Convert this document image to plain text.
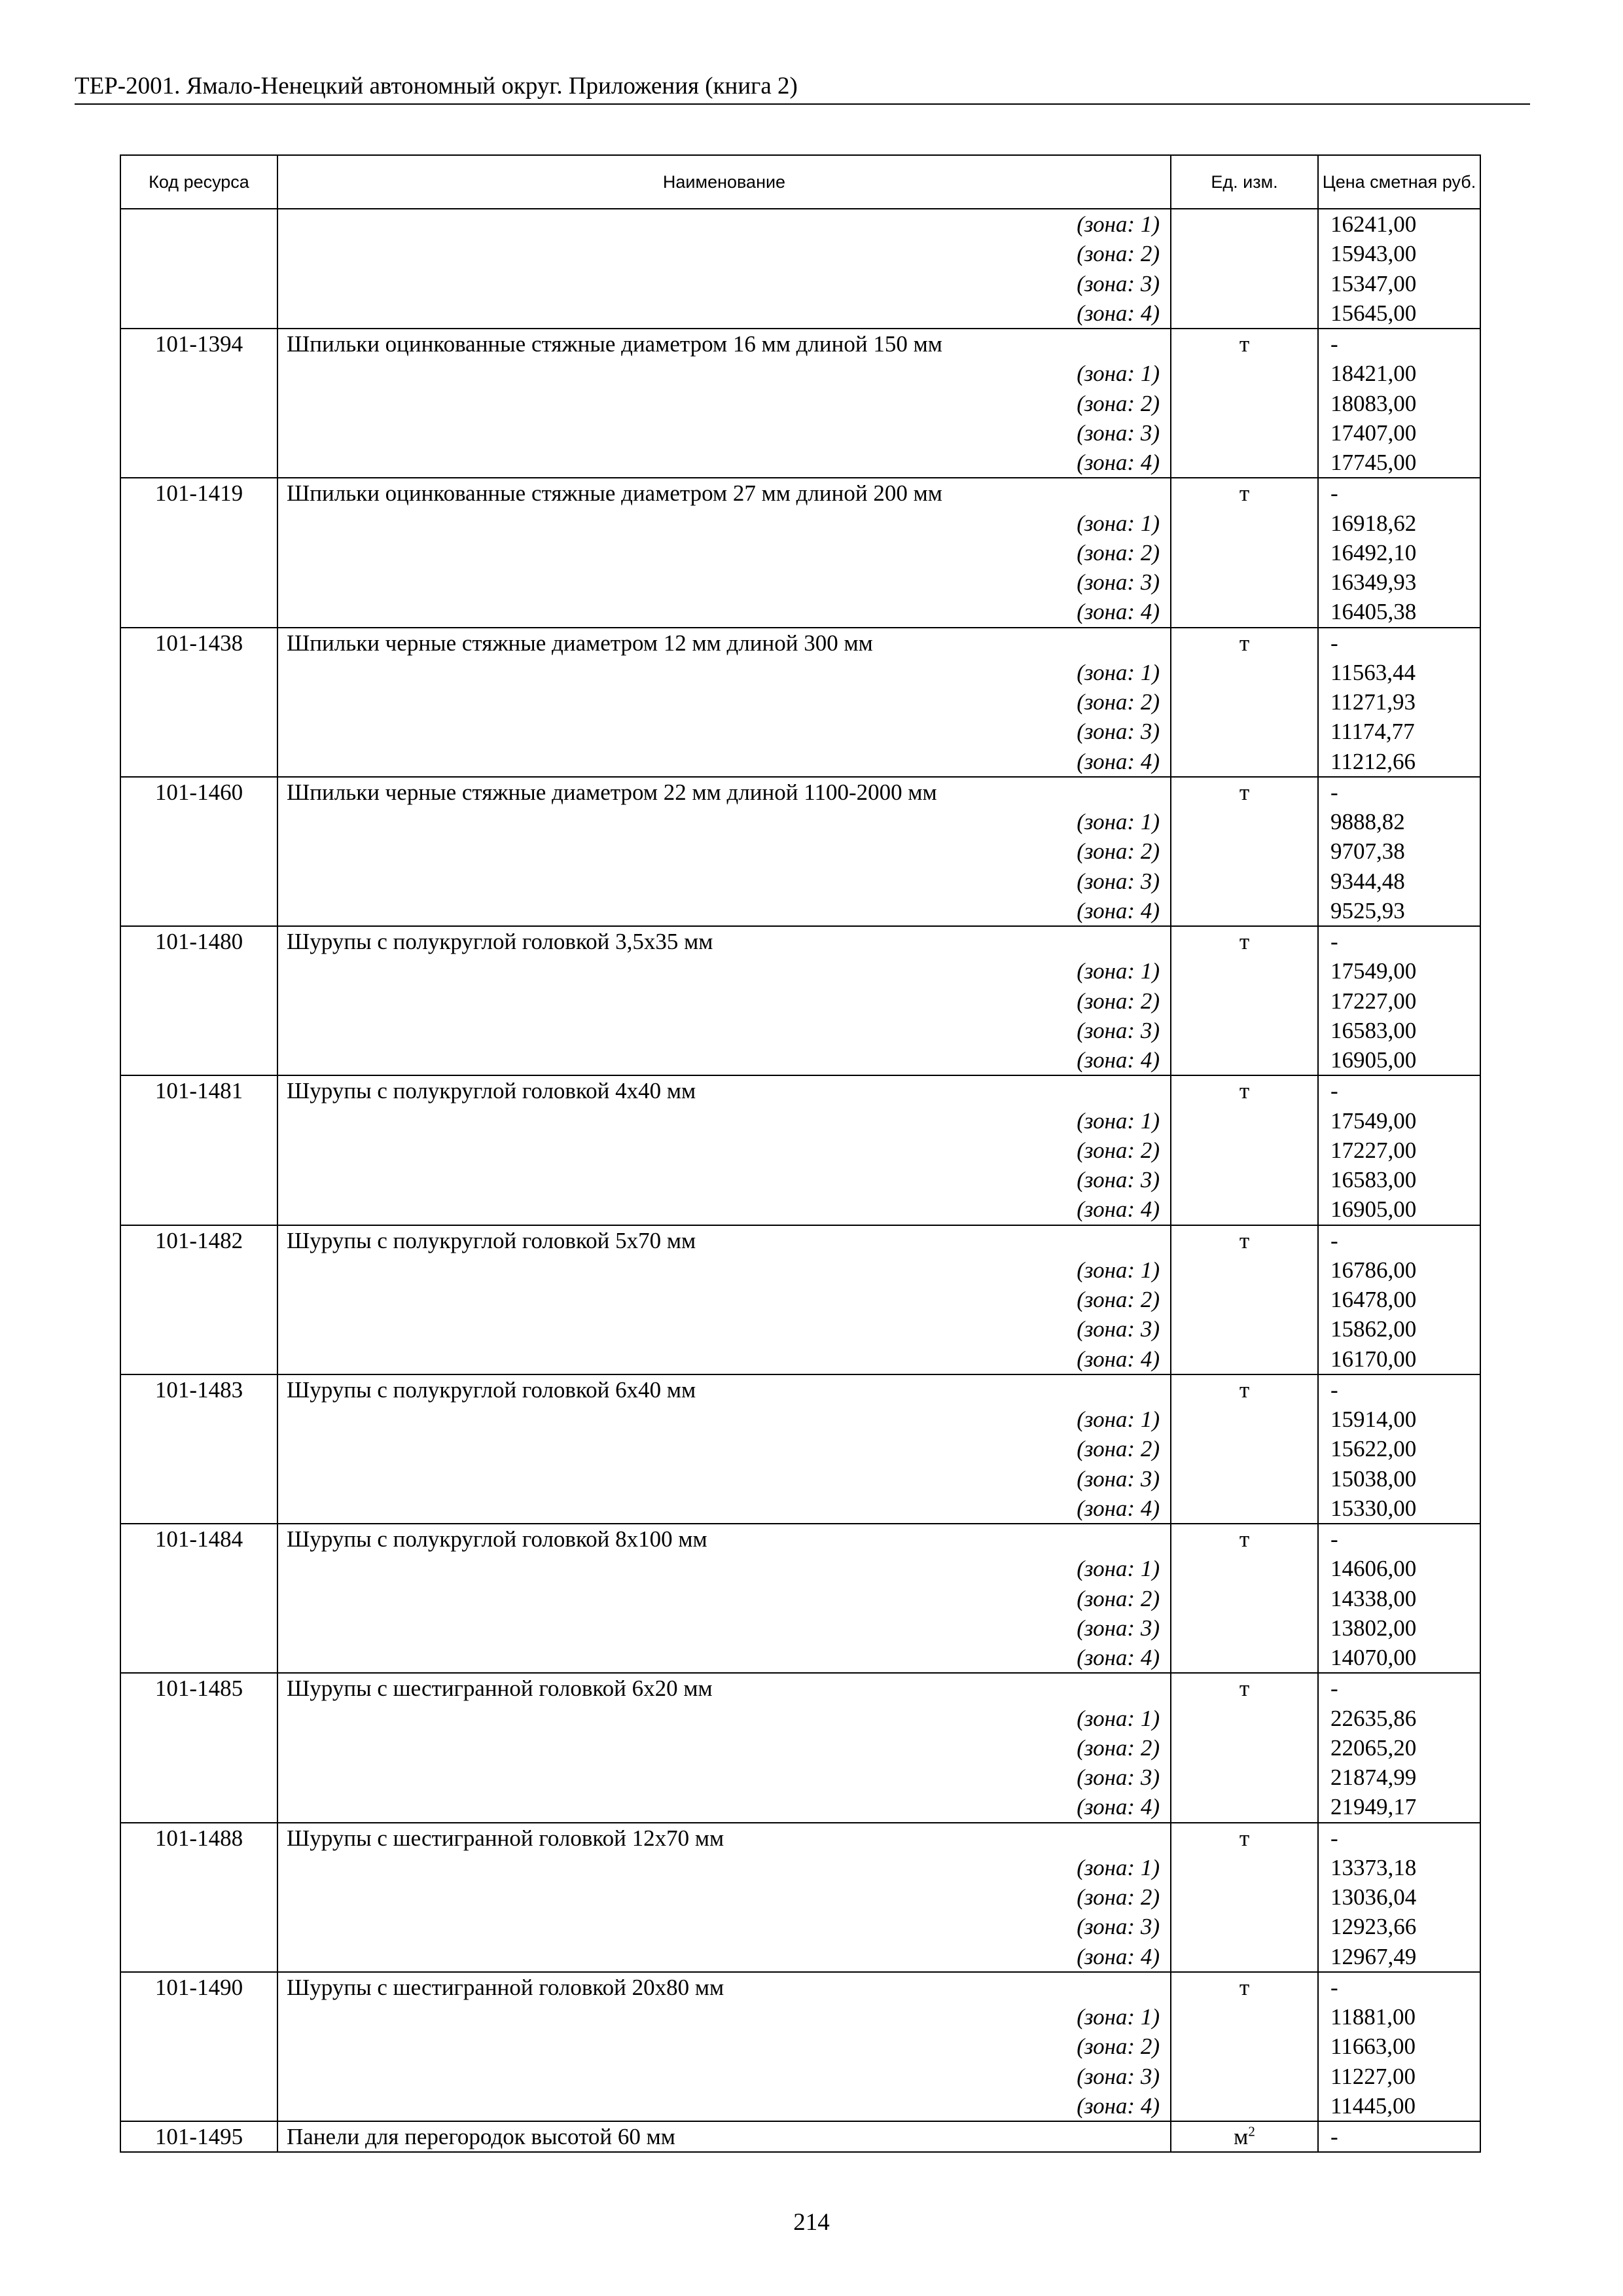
ТЕР-2001. Ямало-Ненецкий автономный округ. Приложения (книга 2)
Код ресурса	Наименование	Ед. изм.	Цена сметная руб.
	(зона: 1)		16241,00
	(зона: 2)		15943,00
	(зона: 3)		15347,00
	(зона: 4)		15645,00
101-1394	Шпильки оцинкованные стяжные диаметром 16 мм длиной 150 мм	т	-
	(зона: 1)		18421,00
	(зона: 2)		18083,00
	(зона: 3)		17407,00
	(зона: 4)		17745,00
101-1419	Шпильки оцинкованные стяжные диаметром 27 мм длиной 200 мм	т	-
	(зона: 1)		16918,62
	(зона: 2)		16492,10
	(зона: 3)		16349,93
	(зона: 4)		16405,38
101-1438	Шпильки черные стяжные диаметром 12 мм длиной 300 мм	т	-
	(зона: 1)		11563,44
	(зона: 2)		11271,93
	(зона: 3)		11174,77
	(зона: 4)		11212,66
101-1460	Шпильки черные стяжные диаметром 22 мм длиной 1100-2000 мм	т	-
	(зона: 1)		9888,82
	(зона: 2)		9707,38
	(зона: 3)		9344,48
	(зона: 4)		9525,93
101-1480	Шурупы с полукруглой головкой 3,5х35 мм	т	-
	(зона: 1)		17549,00
	(зона: 2)		17227,00
	(зона: 3)		16583,00
	(зона: 4)		16905,00
101-1481	Шурупы с полукруглой головкой 4х40 мм	т	-
	(зона: 1)		17549,00
	(зона: 2)		17227,00
	(зона: 3)		16583,00
	(зона: 4)		16905,00
101-1482	Шурупы с полукруглой головкой 5х70 мм	т	-
	(зона: 1)		16786,00
	(зона: 2)		16478,00
	(зона: 3)		15862,00
	(зона: 4)		16170,00
101-1483	Шурупы с полукруглой головкой 6х40 мм	т	-
	(зона: 1)		15914,00
	(зона: 2)		15622,00
	(зона: 3)		15038,00
	(зона: 4)		15330,00
101-1484	Шурупы с полукруглой головкой 8х100 мм	т	-
	(зона: 1)		14606,00
	(зона: 2)		14338,00
	(зона: 3)		13802,00
	(зона: 4)		14070,00
101-1485	Шурупы с шестигранной головкой 6х20 мм	т	-
	(зона: 1)		22635,86
	(зона: 2)		22065,20
	(зона: 3)		21874,99
	(зона: 4)		21949,17
101-1488	Шурупы с шестигранной головкой 12х70 мм	т	-
	(зона: 1)		13373,18
	(зона: 2)		13036,04
	(зона: 3)		12923,66
	(зона: 4)		12967,49
101-1490	Шурупы с шестигранной головкой 20х80 мм	т	-
	(зона: 1)		11881,00
	(зона: 2)		11663,00
	(зона: 3)		11227,00
	(зона: 4)		11445,00
101-1495	Панели для перегородок высотой 60 мм	$м^2$	-
214
